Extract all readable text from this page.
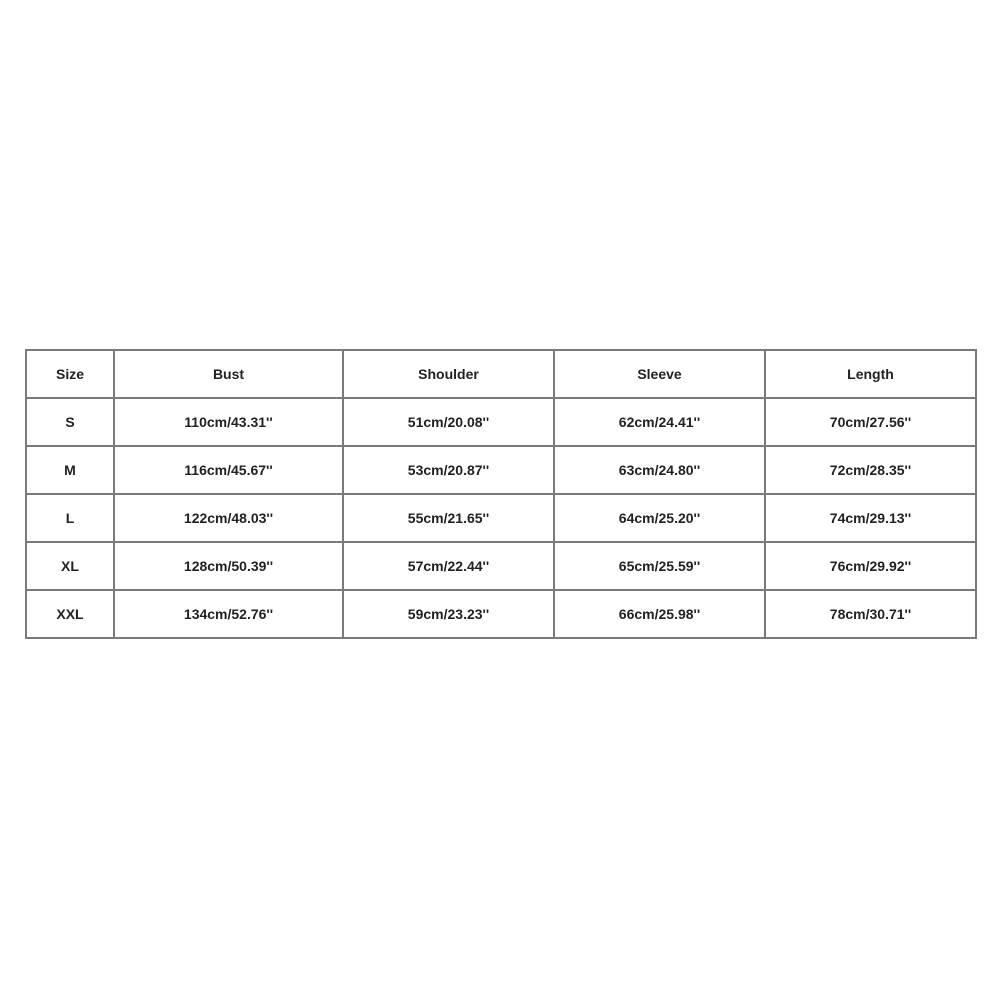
Size	Bust	Shoulder	Sleeve	Length
S	110cm/43.31''	51cm/20.08''	62cm/24.41''	70cm/27.56''
M	116cm/45.67''	53cm/20.87''	63cm/24.80''	72cm/28.35''
L	122cm/48.03''	55cm/21.65''	64cm/25.20''	74cm/29.13''
XL	128cm/50.39''	57cm/22.44''	65cm/25.59''	76cm/29.92''
XXL	134cm/52.76''	59cm/23.23''	66cm/25.98''	78cm/30.71''
